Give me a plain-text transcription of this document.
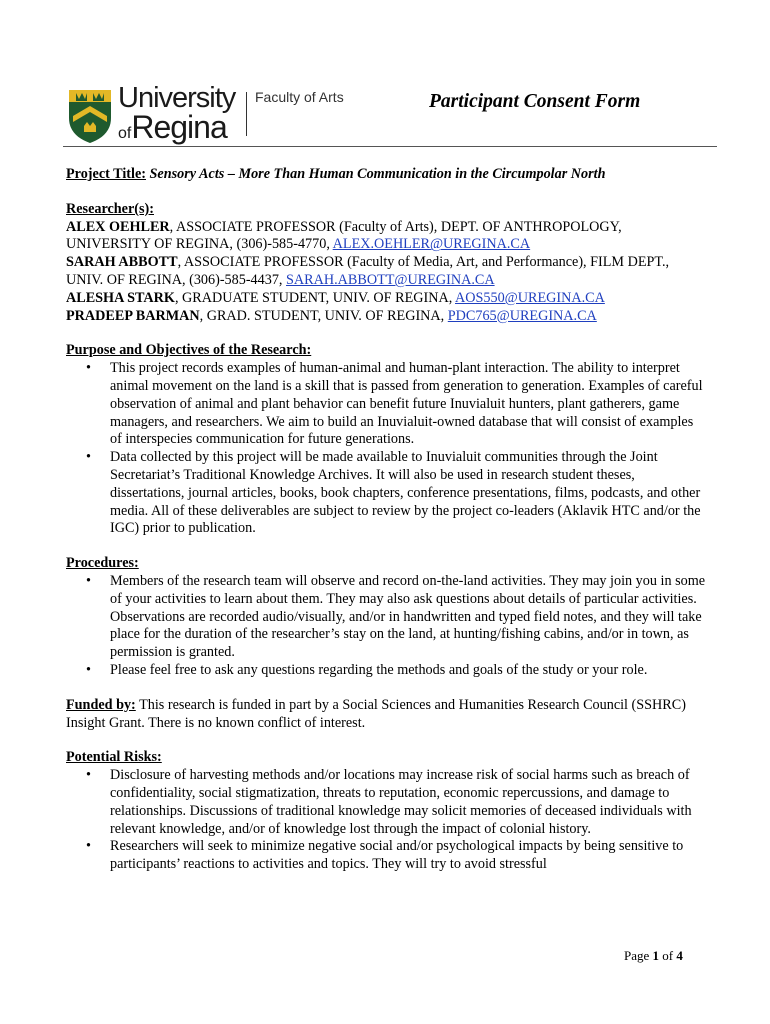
University
ofRegina
Faculty of Arts	Participant Consent Form

Project Title: Sensory Acts – More Than Human Communication in the Circumpolar North

Researcher(s):

ALEX OEHLER, ASSOCIATE PROFESSOR (Faculty of Arts), DEPT. OF ANTHROPOLOGY, UNIVERSITY OF REGINA, (306)-585-4770, ALEX.OEHLER@UREGINA.CA

SARAH ABBOTT, ASSOCIATE PROFESSOR (Faculty of Media, Art, and Performance), FILM DEPT., UNIV. OF REGINA, (306)-585-4437, SARAH.ABBOTT@UREGINA.CA

ALESHA STARK, GRADUATE STUDENT, UNIV. OF REGINA, AOS550@UREGINA.CA

PRADEEP BARMAN, GRAD. STUDENT, UNIV. OF REGINA, PDC765@UREGINA.CA

Purpose and Objectives of the Research:

• This project records examples of human-animal and human-plant interaction. The ability to interpret animal movement on the land is a skill that is passed from generation to generation. Examples of careful observation of animal and plant behavior can benefit future Inuvialuit hunters, plant gatherers, game managers, and researchers. We aim to build an Inuvialuit-owned database that will consist of examples of interspecies communication for future generations.
• Data collected by this project will be made available to Inuvialuit communities through the Joint Secretariat’s Traditional Knowledge Archives. It will also be used in research student theses, dissertations, journal articles, books, book chapters, conference presentations, films, podcasts, and other media. All of these deliverables are subject to review by the project co-leaders (Aklavik HTC and/or the IGC) prior to publication.

Procedures:

• Members of the research team will observe and record on-the-land activities. They may join you in some of your activities to learn about them. They may also ask questions about details of particular activities. Observations are recorded audio/visually, and/or in handwritten and typed field notes, and they will take place for the duration of the researcher’s stay on the land, at hunting/fishing cabins, and/or in town, as permission is granted.
• Please feel free to ask any questions regarding the methods and goals of the study or your role.

Funded by: This research is funded in part by a Social Sciences and Humanities Research Council (SSHRC) Insight Grant. There is no known conflict of interest.

Potential Risks:

• Disclosure of harvesting methods and/or locations may increase risk of social harms such as breach of confidentiality, social stigmatization, threats to reputation, economic repercussions, and damage to relationships. Discussions of traditional knowledge may solicit memories of deceased individuals with relevant knowledge, and/or of knowledge lost through the impact of colonial history.
• Researchers will seek to minimize negative social and/or psychological impacts by being sensitive to participants’ reactions to activities and topics. They will try to avoid stressful
Page 1 of 4
